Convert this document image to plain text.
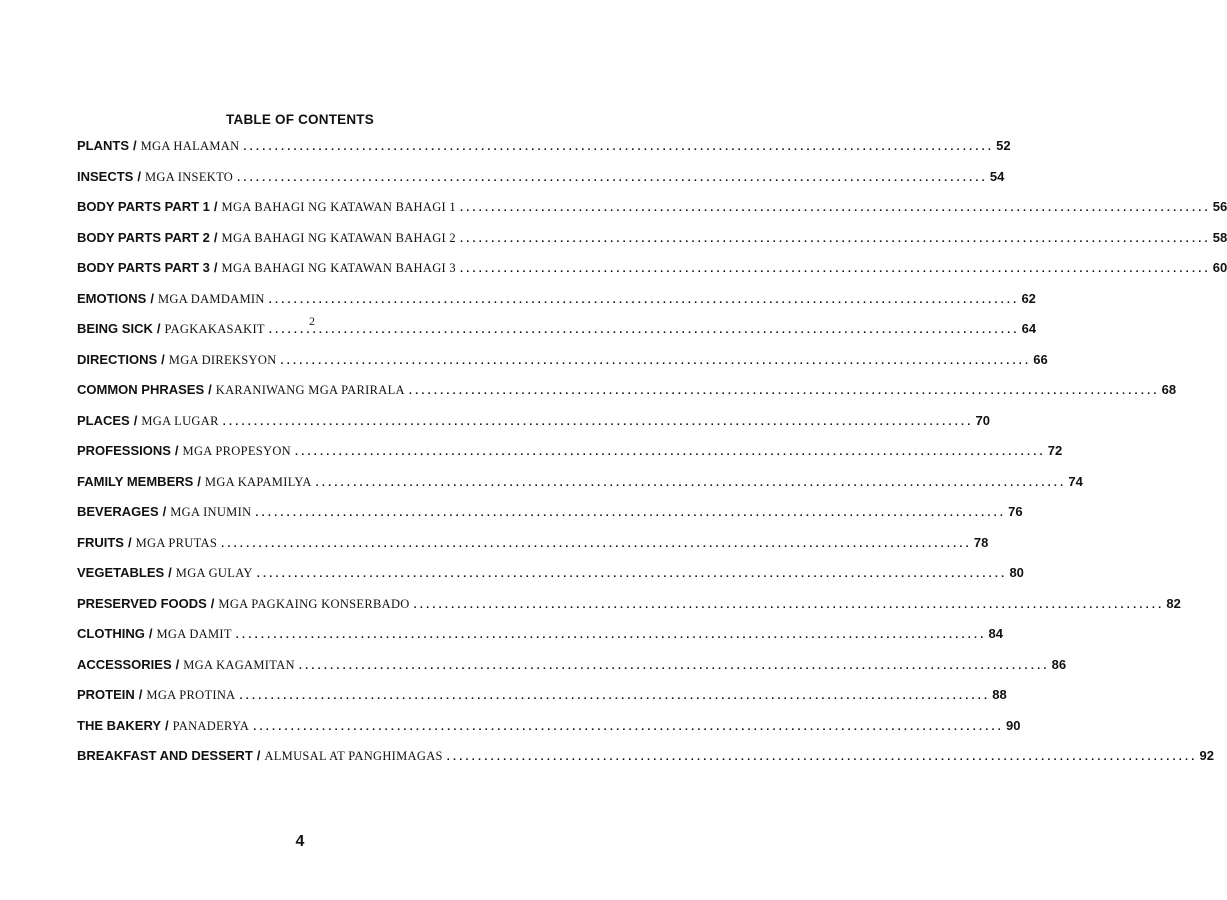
TABLE OF CONTENTS
PLANTS / MGA HALAMAN ........................................................................................................................ 52
INSECTS / MGA INSEKTO ........................................................................................................................ 54
BODY PARTS PART 1 / MGA BAHAGI NG KATAWAN BAHAGI 1 ........................................................................................................................ 56
BODY PARTS PART 2 / MGA BAHAGI NG KATAWAN BAHAGI 2 ........................................................................................................................ 58
BODY PARTS PART 3 / MGA BAHAGI NG KATAWAN BAHAGI 3 ........................................................................................................................ 60
EMOTIONS / MGA DAMDAMIN ........................................................................................................................ 62
BEING SICK / PAGKAKASAKIT ........................................................................................................................ 64
DIRECTIONS / MGA DIREKSYON ........................................................................................................................ 66
COMMON PHRASES / KARANIWANG MGA PARIRALA ........................................................................................................................ 68
PLACES / MGA LUGAR ........................................................................................................................ 70
PROFESSIONS / MGA PROPESYON ........................................................................................................................ 72
FAMILY MEMBERS / MGA KAPAMILYA ........................................................................................................................ 74
BEVERAGES / MGA INUMIN ........................................................................................................................ 76
FRUITS / MGA PRUTAS ........................................................................................................................ 78
VEGETABLES / MGA GULAY ........................................................................................................................ 80
PRESERVED FOODS / MGA PAGKAING KONSERBADO ........................................................................................................................ 82
CLOTHING / MGA DAMIT ........................................................................................................................ 84
ACCESSORIES / MGA KAGAMITAN ........................................................................................................................ 86
PROTEIN / MGA PROTINA ........................................................................................................................ 88
THE BAKERY / PANADERYA ........................................................................................................................ 90
BREAKFAST AND DESSERT / ALMUSAL AT PANGHIMAGAS ........................................................................................................................ 92
2
4
